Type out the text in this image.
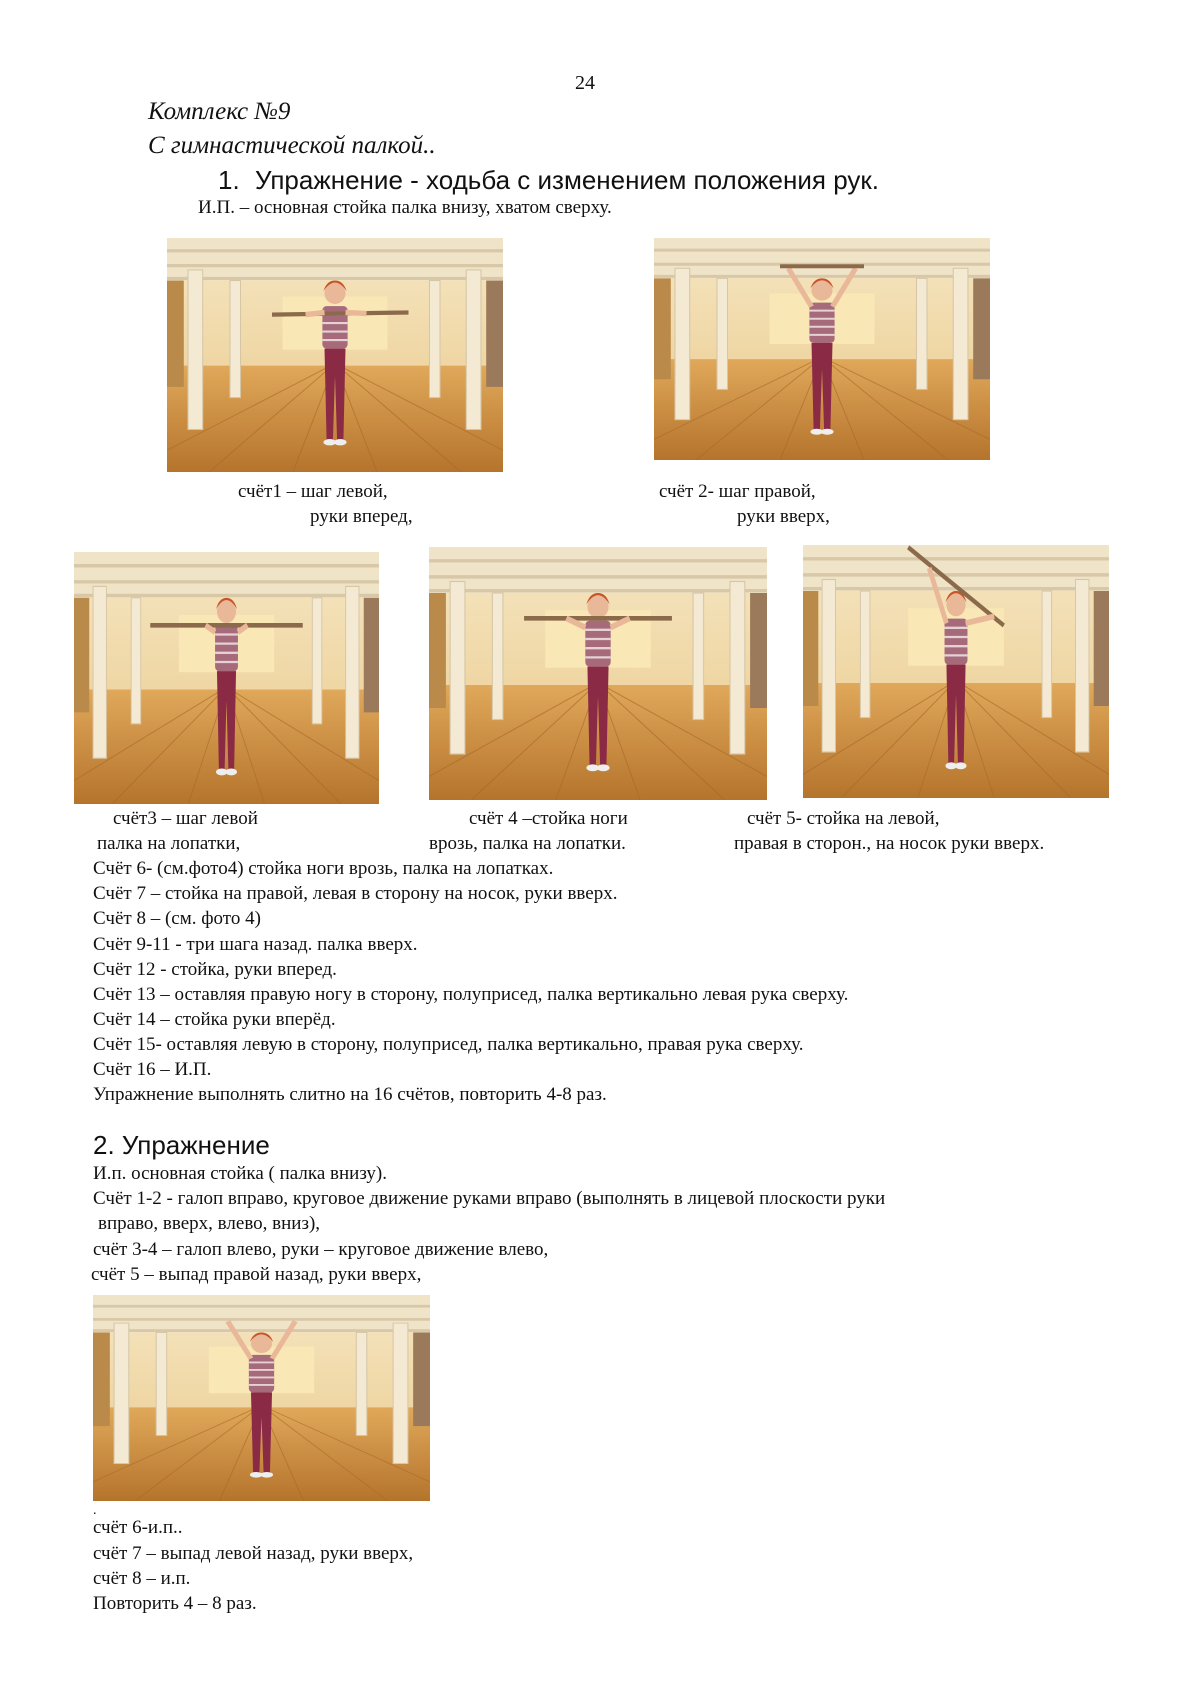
24
Комплекс №9
С гимнастической палкой..
1. Упражнение - ходьба с изменением положения рук.
И.П. – основная стойка палка внизу, хватом сверху.
счёт1 – шаг левой,
руки вперед,
счёт 2- шаг правой,
руки вверх,
счёт3 – шаг левой
палка на лопатки,
счёт 4 –стойка ноги
врозь, палка на лопатки.
счёт 5- стойка на левой,
правая в сторон., на носок руки вверх.
Счёт 6- (см.фото4) стойка ноги врозь, палка на лопатках.
Счёт 7 – стойка на правой, левая в сторону на носок, руки вверх.
Счёт 8 – (см. фото 4)
Счёт 9-11 - три шага назад. палка вверх.
Счёт 12 - стойка, руки вперед.
Счёт 13 – оставляя правую ногу в сторону, полуприсед, палка вертикально левая рука сверху.
Счёт 14 – стойка руки вперёд.
Счёт 15- оставляя левую в сторону, полуприсед, палка вертикально, правая рука сверху.
Счёт 16 – И.П.
Упражнение выполнять слитно на 16 счётов, повторить 4-8 раз.
2. Упражнение
И.п. основная стойка ( палка внизу).
Счёт 1-2 - галоп вправо, круговое движение руками вправо (выполнять в лицевой плоскости руки
вправо, вверх, влево, вниз),
счёт 3-4 – галоп влево, руки – круговое движение влево,
счёт 5 – выпад правой назад, руки вверх,
.
счёт 6-и.п..
счёт 7 – выпад левой назад, руки вверх,
счёт 8 – и.п.
Повторить 4 – 8 раз.
